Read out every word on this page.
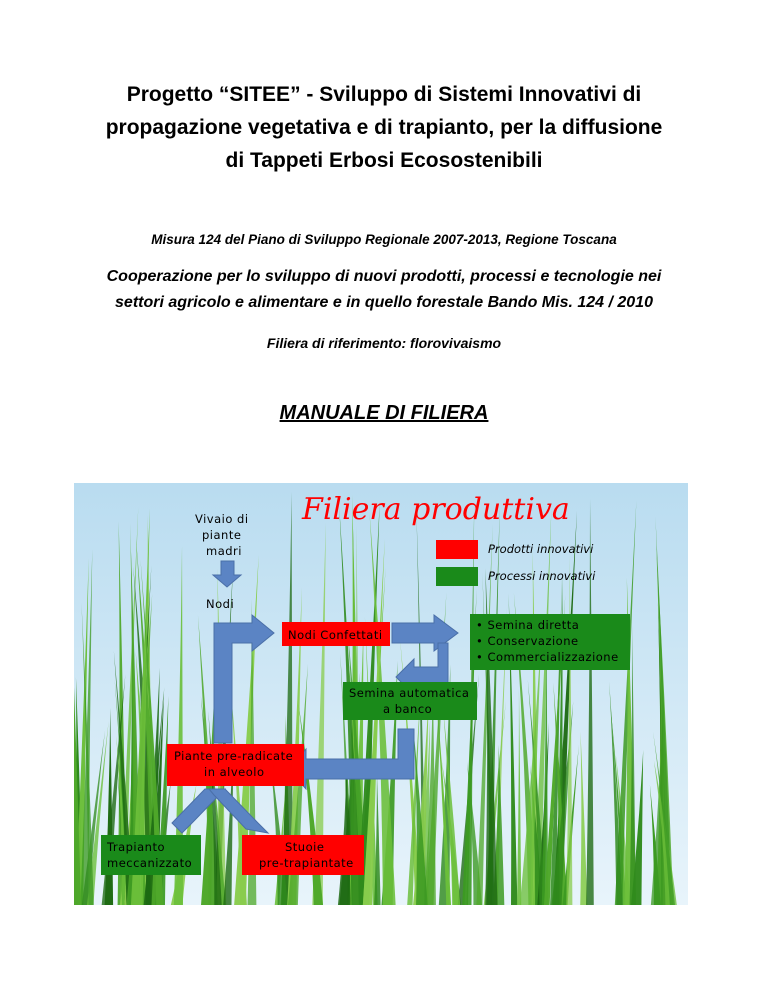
Progetto “SITEE” - Sviluppo di Sistemi Innovativi di
propagazione vegetativa e di trapianto, per la diffusione
di Tappeti Erbosi Ecosostenibili
Misura 124 del Piano di Sviluppo Regionale 2007-2013, Regione Toscana
Cooperazione per lo sviluppo di nuovi prodotti, processi e tecnologie nei
settori agricolo e alimentare e in quello forestale Bando Mis. 124 / 2010
Filiera di riferimento: florovivaismo
MANUALE DI FILIERA
Filiera produttiva
Prodotti innovativi
Processi innovativi
Vivaio di
piante
madri
Nodi
Nodi Confettati
• Semina diretta
• Conservazione
• Commercializzazione
Semina automatica
a banco
Piante pre-radicate
in alveolo
Trapianto
meccanizzato
Stuoie
pre-trapiantate
